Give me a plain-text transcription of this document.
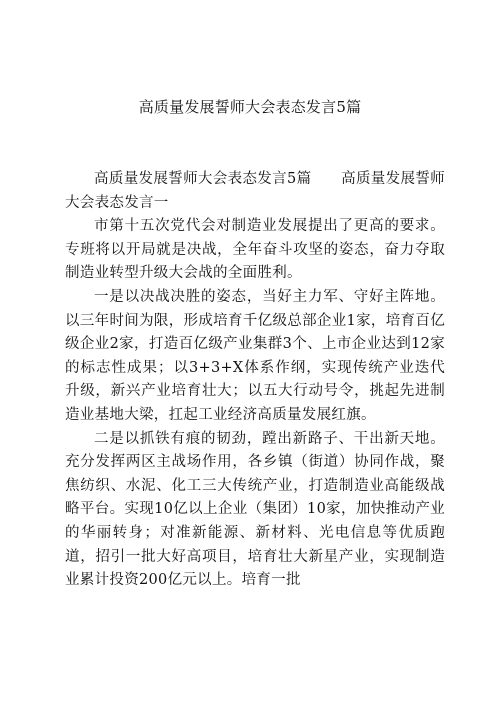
高质量发展誓师大会表态发言5篇

高质量发展誓师大会表态发言5篇　　高质量发展誓师大会表态发言一

市第十五次党代会对制造业发展提出了更高的要求。专班将以开局就是决战，全年奋斗攻坚的姿态，奋力夺取制造业转型升级大会战的全面胜利。

一是以决战决胜的姿态，当好主力军、守好主阵地。以三年时间为限，形成培育千亿级总部企业1家，培育百亿级企业2家，打造百亿级产业集群3个、上市企业达到12家的标志性成果；以3+3+X体系作纲，实现传统产业迭代升级，新兴产业培育壮大；以五大行动号令，挑起先进制造业基地大梁，扛起工业经济高质量发展红旗。

二是以抓铁有痕的韧劲，蹚出新路子、干出新天地。充分发挥两区主战场作用，各乡镇（街道）协同作战，聚焦纺织、水泥、化工三大传统产业，打造制造业高能级战略平台。实现10亿以上企业（集团）10家，加快推动产业的华丽转身；对准新能源、新材料、光电信息等优质跑道，招引一批大好高项目，培育壮大新星产业，实现制造业累计投资200亿元以上。培育一批
